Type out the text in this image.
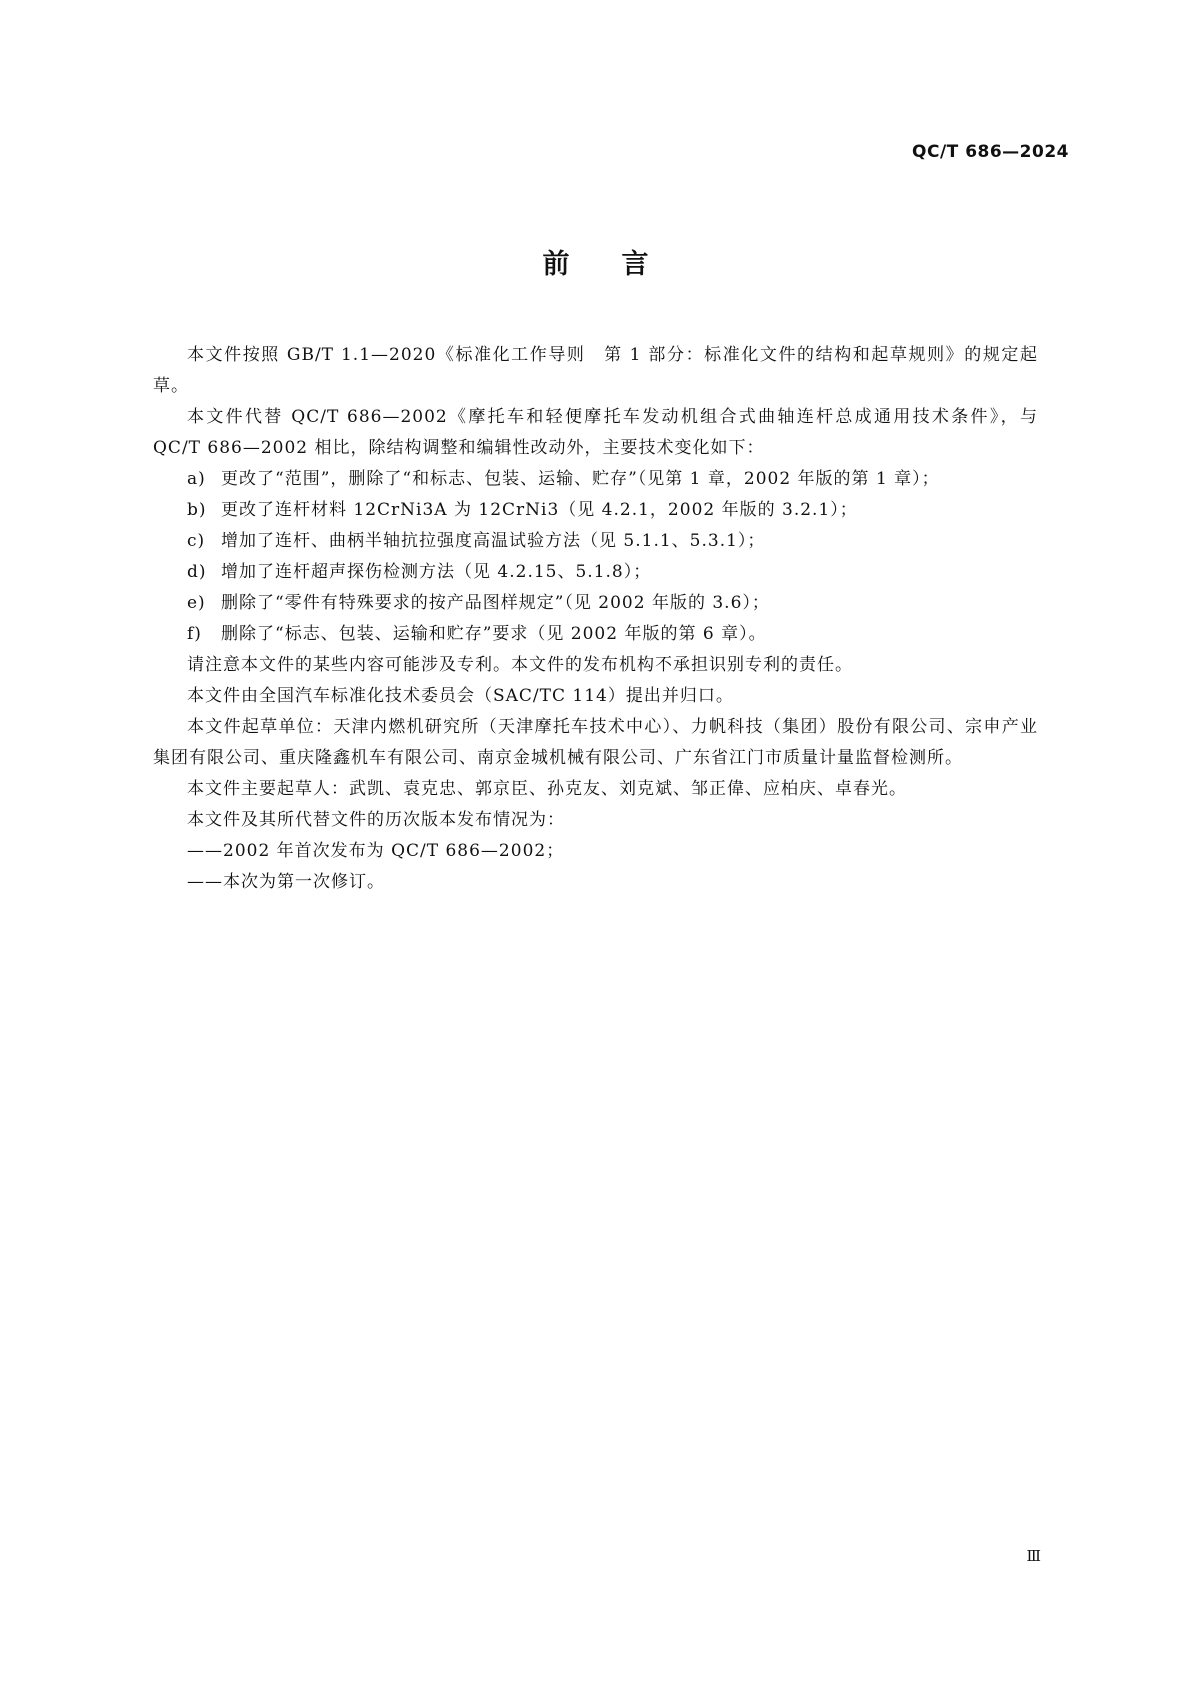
QC/T 686—2024
前言

本文件按照 GB/T 1.1—2020《标准化工作导则　第 1 部分：标准化文件的结构和起草规则》的规定起草。

本文件代替 QC/T 686—2002《摩托车和轻便摩托车发动机组合式曲轴连杆总成通用技术条件》，与 QC/T 686—2002 相比，除结构调整和编辑性改动外，主要技术变化如下：

a) 更改了“范围”，删除了“和标志、包装、运输、贮存”（见第 1 章，2002 年版的第 1 章）；

b) 更改了连杆材料 12CrNi3A 为 12CrNi3（见 4.2.1，2002 年版的 3.2.1）；

c) 增加了连杆、曲柄半轴抗拉强度高温试验方法（见 5.1.1、5.3.1）；

d) 增加了连杆超声探伤检测方法（见 4.2.15、5.1.8）；

e) 删除了“零件有特殊要求的按产品图样规定”（见 2002 年版的 3.6）；

f) 删除了“标志、包装、运输和贮存”要求（见 2002 年版的第 6 章）。

请注意本文件的某些内容可能涉及专利。本文件的发布机构不承担识别专利的责任。

本文件由全国汽车标准化技术委员会（SAC/TC 114）提出并归口。

本文件起草单位：天津内燃机研究所（天津摩托车技术中心）、力帆科技（集团）股份有限公司、宗申产业集团有限公司、重庆隆鑫机车有限公司、南京金城机械有限公司、广东省江门市质量计量监督检测所。

本文件主要起草人：武凯、袁克忠、郭京臣、孙克友、刘克斌、邹正偉、应柏庆、卓春光。

本文件及其所代替文件的历次版本发布情况为：

——2002 年首次发布为 QC/T 686—2002；

——本次为第一次修订。

Ⅲ
